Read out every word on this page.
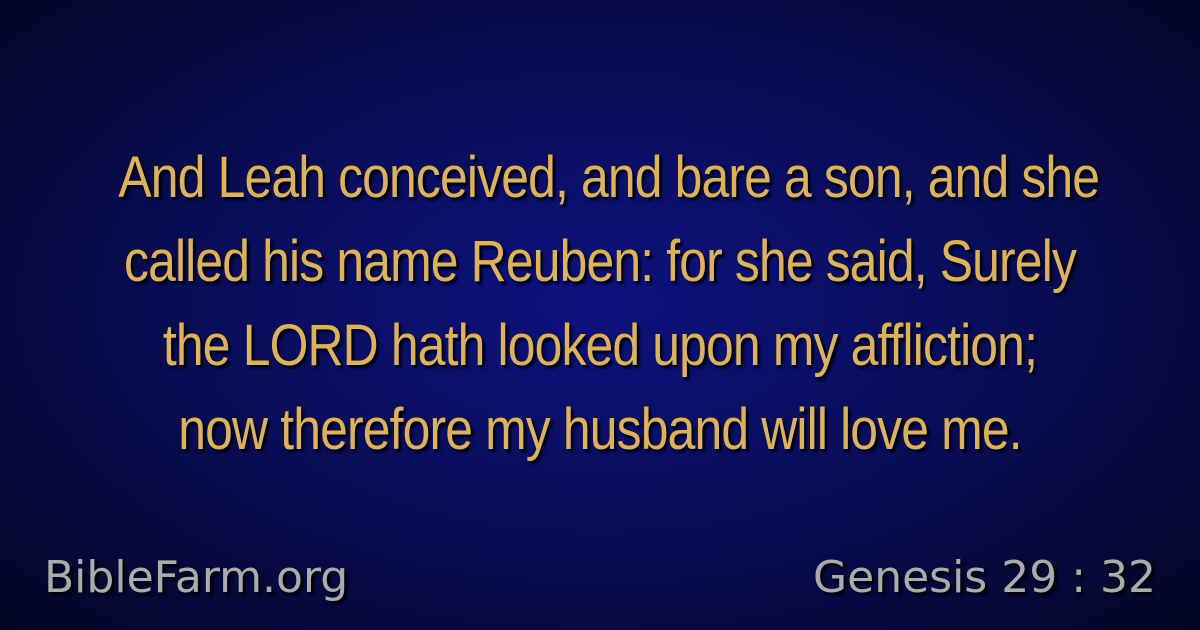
And Leah conceived, and bare a son, and she
called his name Reuben: for she said, Surely
the LORD hath looked upon my affliction;
now therefore my husband will love me.

BibleFarm.org	Genesis 29 : 32
